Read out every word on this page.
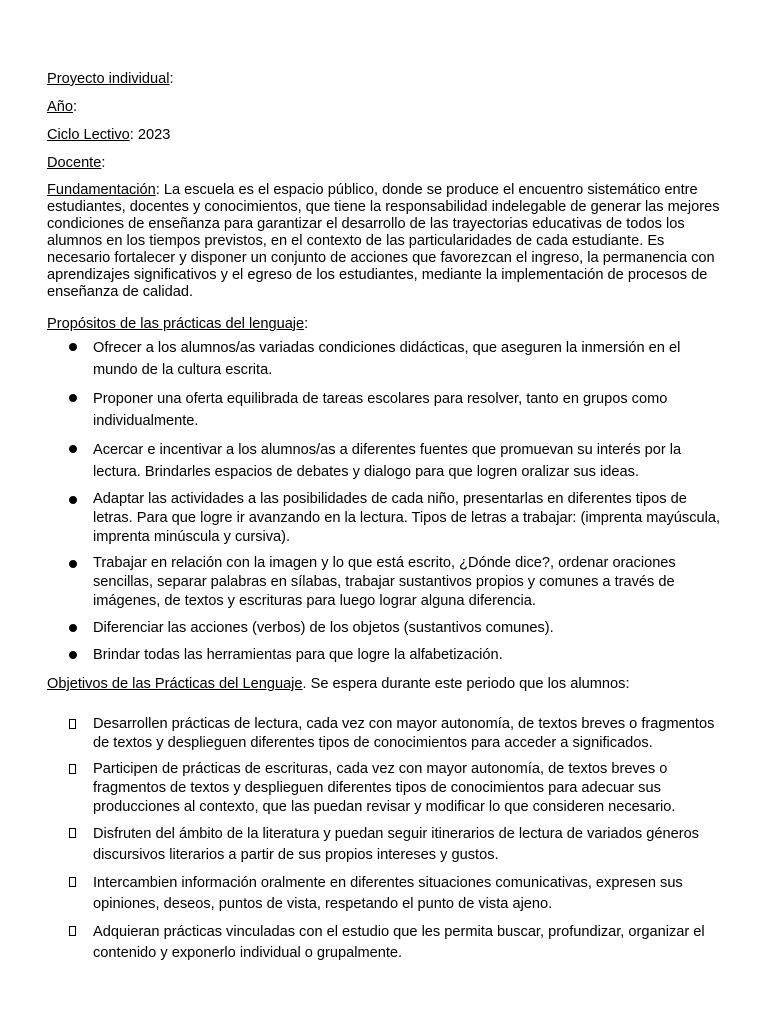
Proyecto individual:

Año:

Ciclo Lectivo: 2023

Docente:

Fundamentación: La escuela es el espacio público, donde se produce el encuentro sistemático entre estudiantes, docentes y conocimientos, que tiene la responsabilidad indelegable de generar las mejores condiciones de enseñanza para garantizar el desarrollo de las trayectorias educativas de todos los alumnos en los tiempos previstos, en el contexto de las particularidades de cada estudiante. Es necesario fortalecer y disponer un conjunto de acciones que favorezcan el ingreso, la permanencia con aprendizajes significativos y el egreso de los estudiantes, mediante la implementación de procesos de enseñanza de calidad.

Propósitos de las prácticas del lenguaje:

Ofrecer a los alumnos/as variadas condiciones didácticas, que aseguren la inmersión en el mundo de la cultura escrita.
Proponer una oferta equilibrada de tareas escolares para resolver, tanto en grupos como individualmente.
Acercar e incentivar a los alumnos/as a diferentes fuentes que promuevan su interés por la lectura. Brindarles espacios de debates y dialogo para que logren oralizar sus ideas.
Adaptar las actividades a las posibilidades de cada niño, presentarlas en diferentes tipos de letras. Para que logre ir avanzando en la lectura. Tipos de letras a trabajar: (imprenta mayúscula, imprenta minúscula y cursiva).
Trabajar en relación con la imagen y lo que está escrito, ¿Dónde dice?, ordenar oraciones sencillas, separar palabras en sílabas, trabajar sustantivos propios y comunes a través de imágenes, de textos y escrituras para luego lograr alguna diferencia.
Diferenciar las acciones (verbos) de los objetos (sustantivos comunes).
Brindar todas las herramientas para que logre la alfabetización.

Objetivos de las Prácticas del Lenguaje. Se espera durante este periodo que los alumnos:

Desarrollen prácticas de lectura, cada vez con mayor autonomía, de textos breves o fragmentos de textos y desplieguen diferentes tipos de conocimientos para acceder a significados.
Participen de prácticas de escrituras, cada vez con mayor autonomía, de textos breves o fragmentos de textos y desplieguen diferentes tipos de conocimientos para adecuar sus producciones al contexto, que las puedan revisar y modificar lo que consideren necesario.
Disfruten del ámbito de la literatura y puedan seguir itinerarios de lectura de variados géneros discursivos literarios a partir de sus propios intereses y gustos.
Intercambien información oralmente en diferentes situaciones comunicativas, expresen sus opiniones, deseos, puntos de vista, respetando el punto de vista ajeno.
Adquieran prácticas vinculadas con el estudio que les permita buscar, profundizar, organizar el contenido y exponerlo individual o grupalmente.
